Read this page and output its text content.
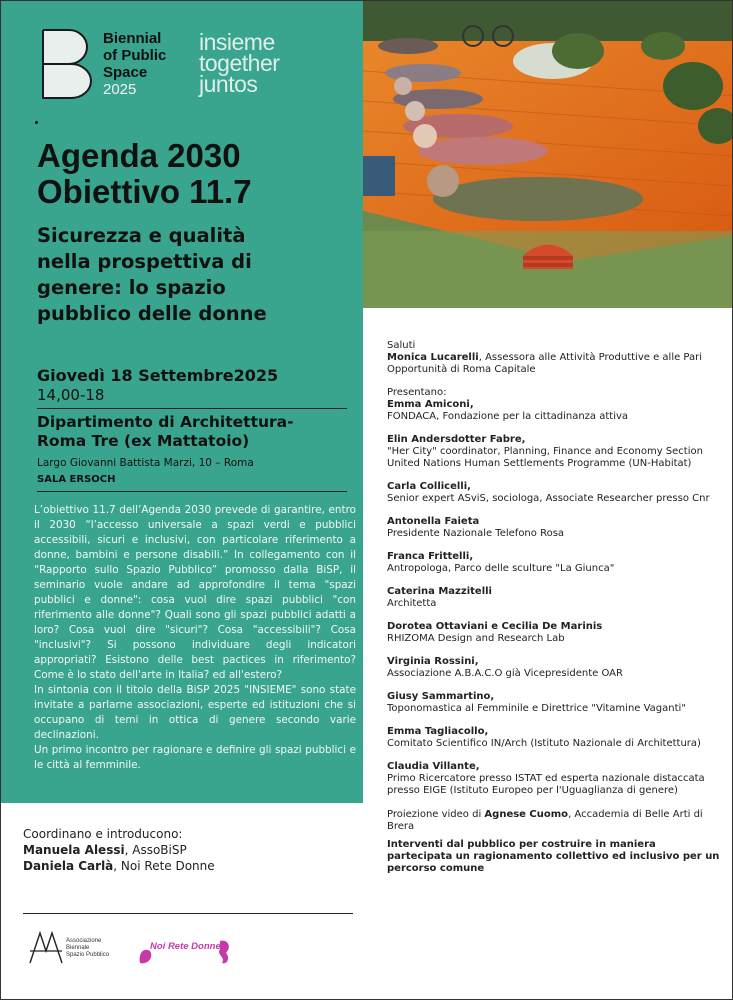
Biennial
of Public
Space
2025
insieme
together
juntos
Agenda 2030
Obiettivo 11.7
Sicurezza e qualità
nella prospettiva di
genere: lo spazio
pubblico delle donne
Giovedì 18 Settembre2025
14,00-18
Dipartimento di Architettura-
Roma Tre (ex Mattatoio)
Largo Giovanni Battista Marzi, 10 – Roma
SALA ERSOCH

L’obiettivo 11.7 dell’Agenda 2030 prevede di garantire, entro il 2030 “l’accesso universale a spazi verdi e pubblici accessibili, sicuri e inclusivi, con particolare riferimento a donne, bambini e persone disabili.” In collegamento con il “Rapporto sullo Spazio Pubblico” promosso dalla BiSP, il seminario vuole andare ad approfondire il tema "spazi pubblici e donne": cosa vuol dire spazi pubblici "con riferimento alle donne"? Quali sono gli spazi pubblici adatti a loro? Cosa vuol dire "sicuri"? Cosa "accessibili"? Cosa "inclusivi"? Si possono individuare degli indicatori appropriati? Esistono delle best pactices in riferimento? Come è lo stato dell'arte in Italia? ed all'estero?

In sintonia con il titolo della BiSP 2025 "INSIEME" sono state invitate a parlarne associazioni, esperte ed istituzioni che si occupano di temi in ottica di genere secondo varie declinazioni.

Un primo incontro per ragionare e definire gli spazi pubblici e le città al femminile.

Saluti
Monica Lucarelli, Assessora alle Attività Produttive e alle Pari Opportunità di Roma Capitale
Presentano:
Emma Amiconi,
FONDACA, Fondazione per la cittadinanza attiva
Elin Andersdotter Fabre,
"Her City" coordinator, Planning, Finance and Economy Section United Nations Human Settlements Programme (UN-Habitat)
Carla Collicelli,
Senior expert ASviS, sociologa, Associate Researcher presso Cnr
Antonella Faieta
Presidente Nazionale Telefono Rosa
Franca Frittelli,
Antropologa, Parco delle sculture "La Giunca"
Caterina Mazzitelli
Architetta
Dorotea Ottaviani e Cecilia De Marinis
RHIZOMA Design and Research Lab
Virginia Rossini,
Associazione A.B.A.C.O già Vicepresidente OAR
Giusy Sammartino,
Toponomastica al Femminile e Direttrice "Vitamine Vaganti"
Emma Tagliacollo,
Comitato Scientifico IN/Arch (Istituto Nazionale di Architettura)
Claudia Villante,
Primo Ricercatore presso ISTAT ed esperta nazionale distaccata presso EIGE (Istituto Europeo per l'Uguaglianza di genere)
Proiezione video di Agnese Cuomo, Accademia di Belle Arti di Brera
Interventi dal pubblico per costruire in maniera partecipata un ragionamento collettivo ed inclusivo per un percorso comune
Coordinano e introducono:
Manuela Alessi, AssoBiSP
Daniela Carlà, Noi Rete Donne
Associazione
Biennale
Spazio Pubblico
Noi Rete Donne
